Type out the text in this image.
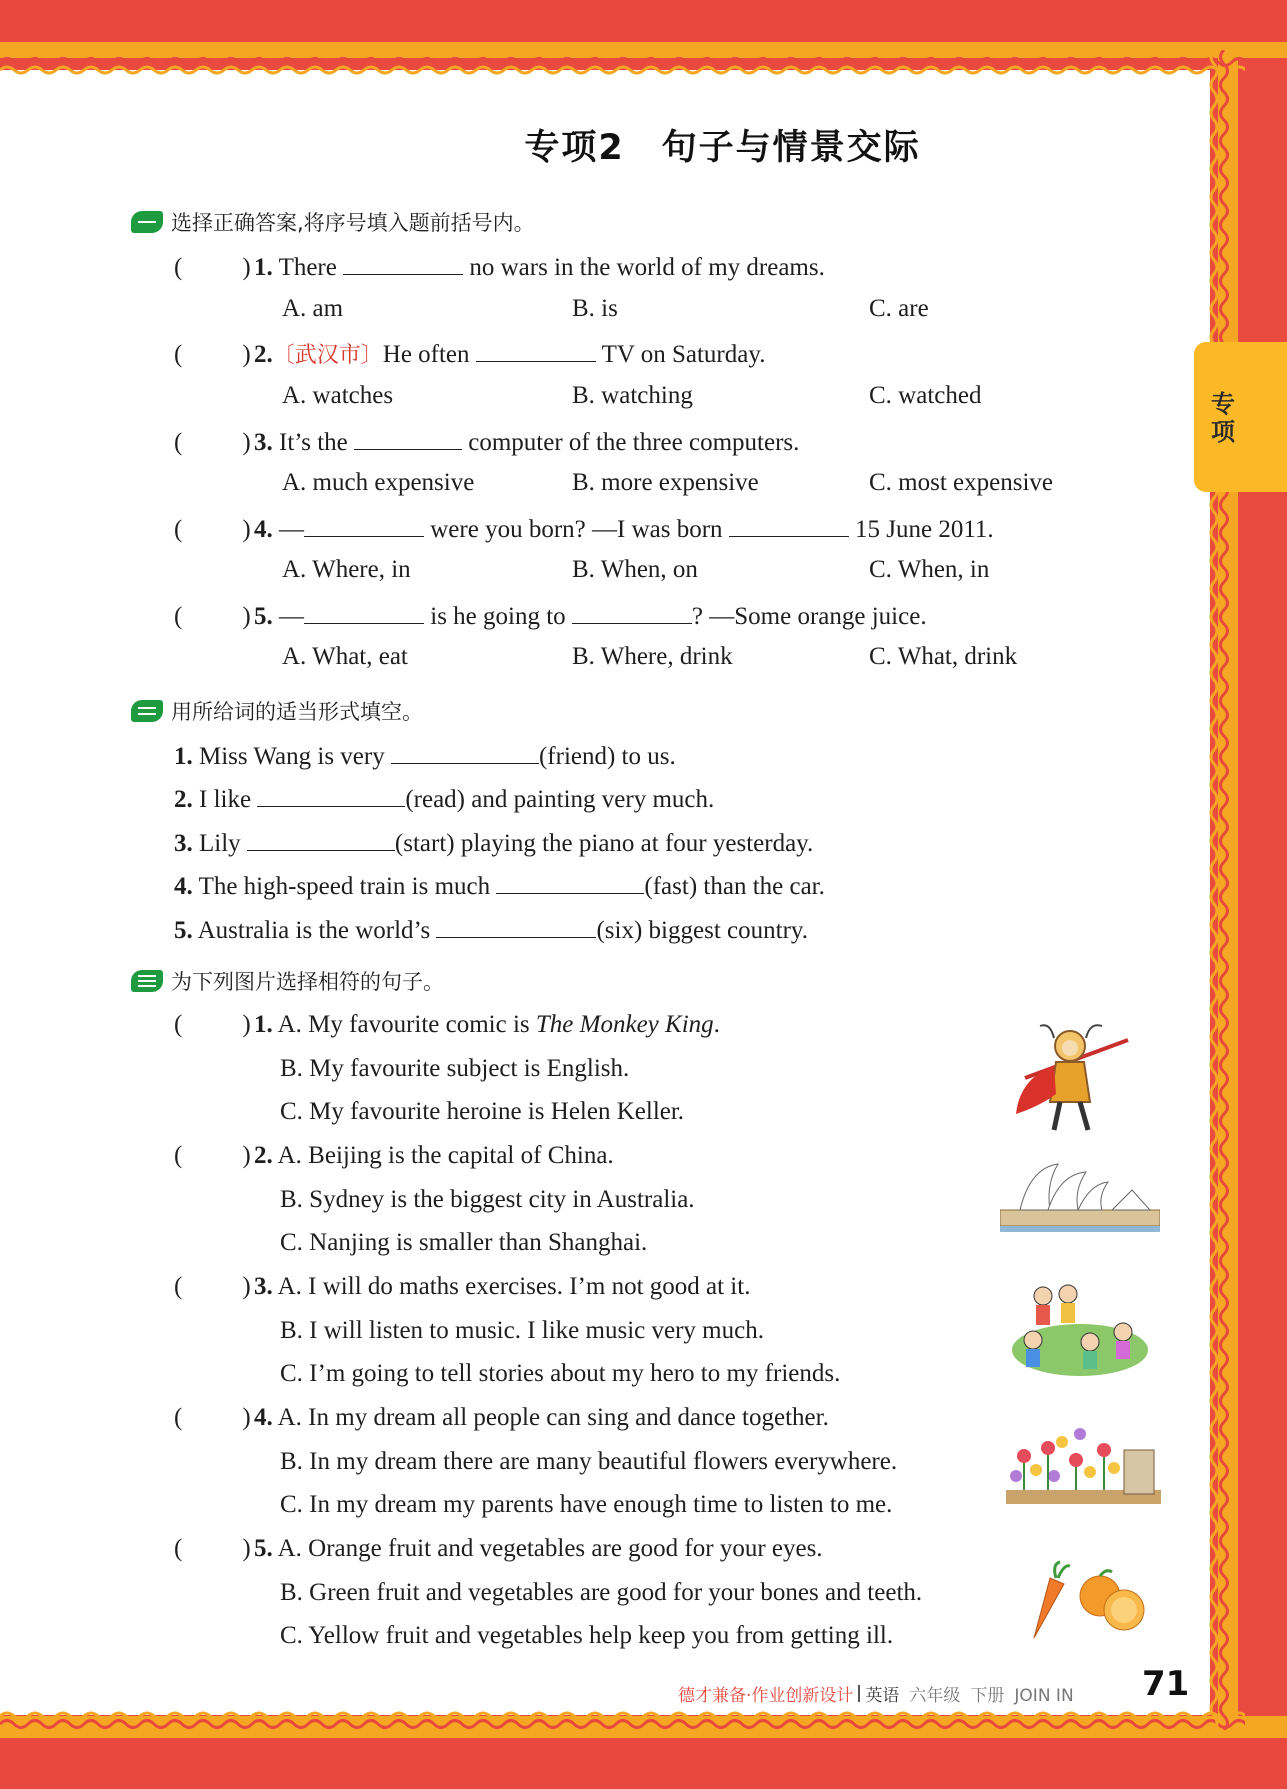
专项
专项2　句子与情景交际
选择正确答案,将序号填入题前括号内。
( ) 1. There	no wars in the world of my dreams.
A. am	B. is	C. are
( ) 2.〔武汉市〕He often	TV on Saturday.
A. watches	B. watching	C. watched
( ) 3. It’s the	computer of the three computers.
A. much expensive	B. more expensive	C. most expensive
( ) 4. —	were you born? —I was born	15 June 2011.
A. Where, in	B. When, on	C. When, in
( ) 5. —	is he going to	? —Some orange juice.
A. What, eat	B. Where, drink	C. What, drink
用所给词的适当形式填空。
1. Miss Wang is very	(friend) to us.
2. I like	(read) and painting very much.
3. Lily	(start) playing the piano at four yesterday.
4. The high-speed train is much	(fast) than the car.
5. Australia is the world’s	(six) biggest country.
为下列图片选择相符的句子。
( ) 1. A. My favourite comic is The Monkey King.
B. My favourite subject is English.
C. My favourite heroine is Helen Keller.
( ) 2. A. Beijing is the capital of China.
B. Sydney is the biggest city in Australia.
C. Nanjing is smaller than Shanghai.
( ) 3. A. I will do maths exercises. I’m not good at it.
B. I will listen to music. I like music very much.
C. I’m going to tell stories about my hero to my friends.
( ) 4. A. In my dream all people can sing and dance together.
B. In my dream there are many beautiful flowers everywhere.
C. In my dream my parents have enough time to listen to me.
( ) 5. A. Orange fruit and vegetables are good for your eyes.
B. Green fruit and vegetables are good for your bones and teeth.
C. Yellow fruit and vegetables help keep you from getting ill.
德才兼备·作业创新设计 英语 六年级 下册 JOIN IN 71
